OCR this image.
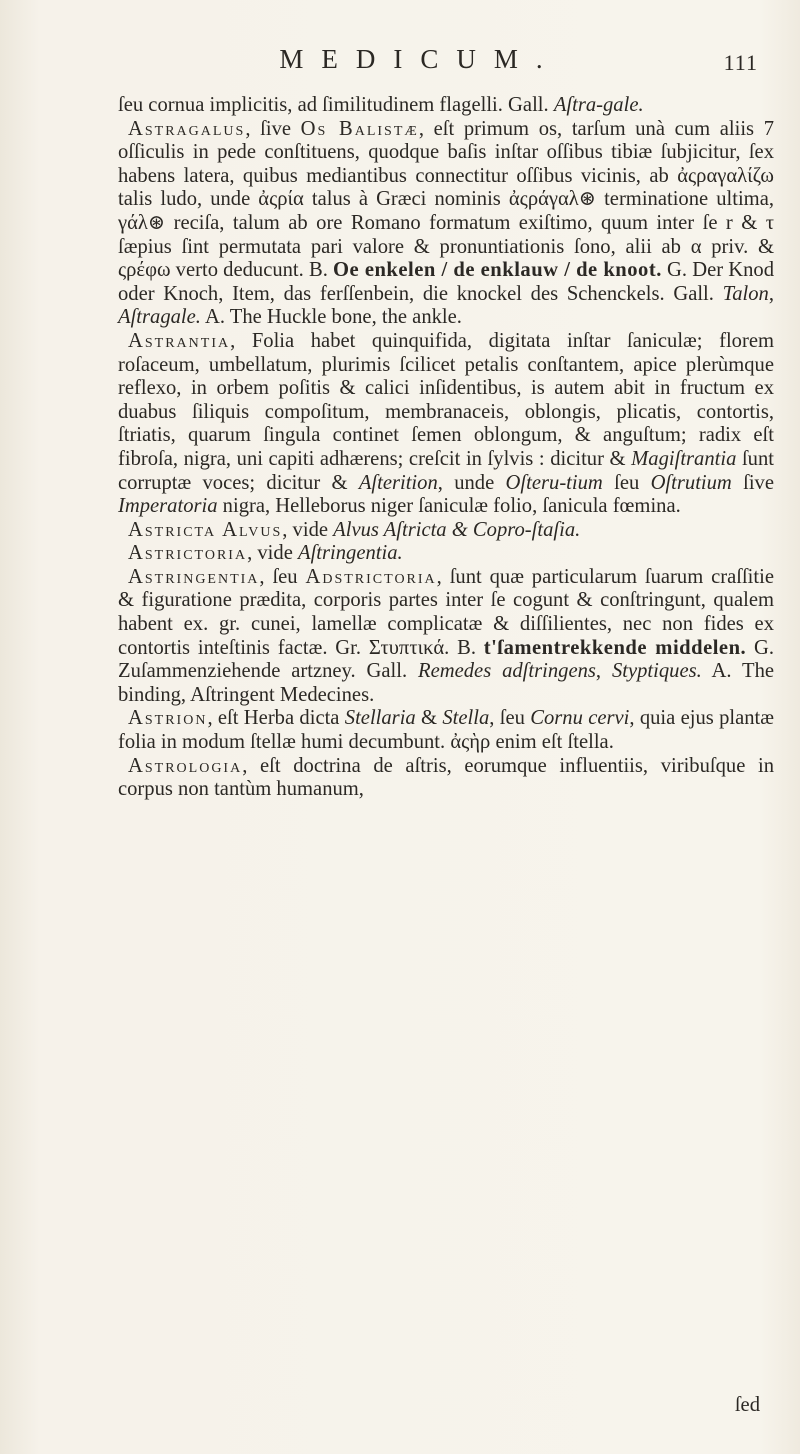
MEDICUM.	111

ſeu cornua implicitis, ad ſimilitudinem flagelli. Gall. Aſtra-gale.

Astragalus, ſive Os Balistæ, eſt primum os, tarſum unà cum aliis 7 oſſiculis in pede conſtituens, quodque baſis inſtar oſſibus tibiæ ſubjicitur, ſex habens latera, quibus mediantibus connectitur oſſibus vicinis, ab ἀςραγαλίζω talis ludo, unde ἀςρία talus à Græci nominis ἀςράγαλ⊛ terminatione ultima, γάλ⊛ reciſa, talum ab ore Romano formatum exiſtimo, quum inter ſe r & τ ſæpius ſint permutata pari valore & pronuntiationis ſono, alii ab α priv. & ςρέφω verto deducunt. B. Oe enkelen / de enklauw / de knoot. G. Der Knod oder Knoch, Item, das ferſſenbein, die knockel des Schenckels. Gall. Talon, Aſtragale. A. The Huckle bone, the ankle.

Astrantia, Folia habet quinquifida, digitata inſtar ſaniculæ; florem roſaceum, umbellatum, plurimis ſcilicet petalis conſtantem, apice plerùmque reflexo, in orbem poſitis & calici inſidentibus, is autem abit in fructum ex duabus ſiliquis compoſitum, membranaceis, oblongis, plicatis, contortis, ſtriatis, quarum ſingula continet ſemen oblongum, & anguſtum; radix eſt fibroſa, nigra, uni capiti adhærens; creſcit in ſylvis : dicitur & Magiſtrantia ſunt corruptæ voces; dicitur & Aſterition, unde Oſteru-tium ſeu Oſtrutium ſive Imperatoria nigra, Helleborus niger ſaniculæ folio, ſanicula fœmina.

Astricta Alvus, vide Alvus Aſtricta & Copro-ſtaſia.

Astrictoria, vide Aſtringentia.

Astringentia, ſeu Adstrictoria, ſunt quæ particularum ſuarum craſſitie & figuratione prædita, corporis partes inter ſe cogunt & conſtringunt, qualem habent ex. gr. cunei, lamellæ complicatæ & diſſilientes, nec non fides ex contortis inteſtinis factæ. Gr. Στυπτικά. B. t'ſamentrekkende middelen. G. Zuſammenziehende artzney. Gall. Remedes adſtringens, Styptiques. A. The binding, Aſtringent Medecines.

Astrion, eſt Herba dicta Stellaria & Stella, ſeu Cornu cervi, quia ejus plantæ folia in modum ſtellæ humi decumbunt. ἀςὴρ enim eſt ſtella.

Astrologia, eſt doctrina de aſtris, eorumque influentiis, viribuſque in corpus non tantùm humanum,

ſed
